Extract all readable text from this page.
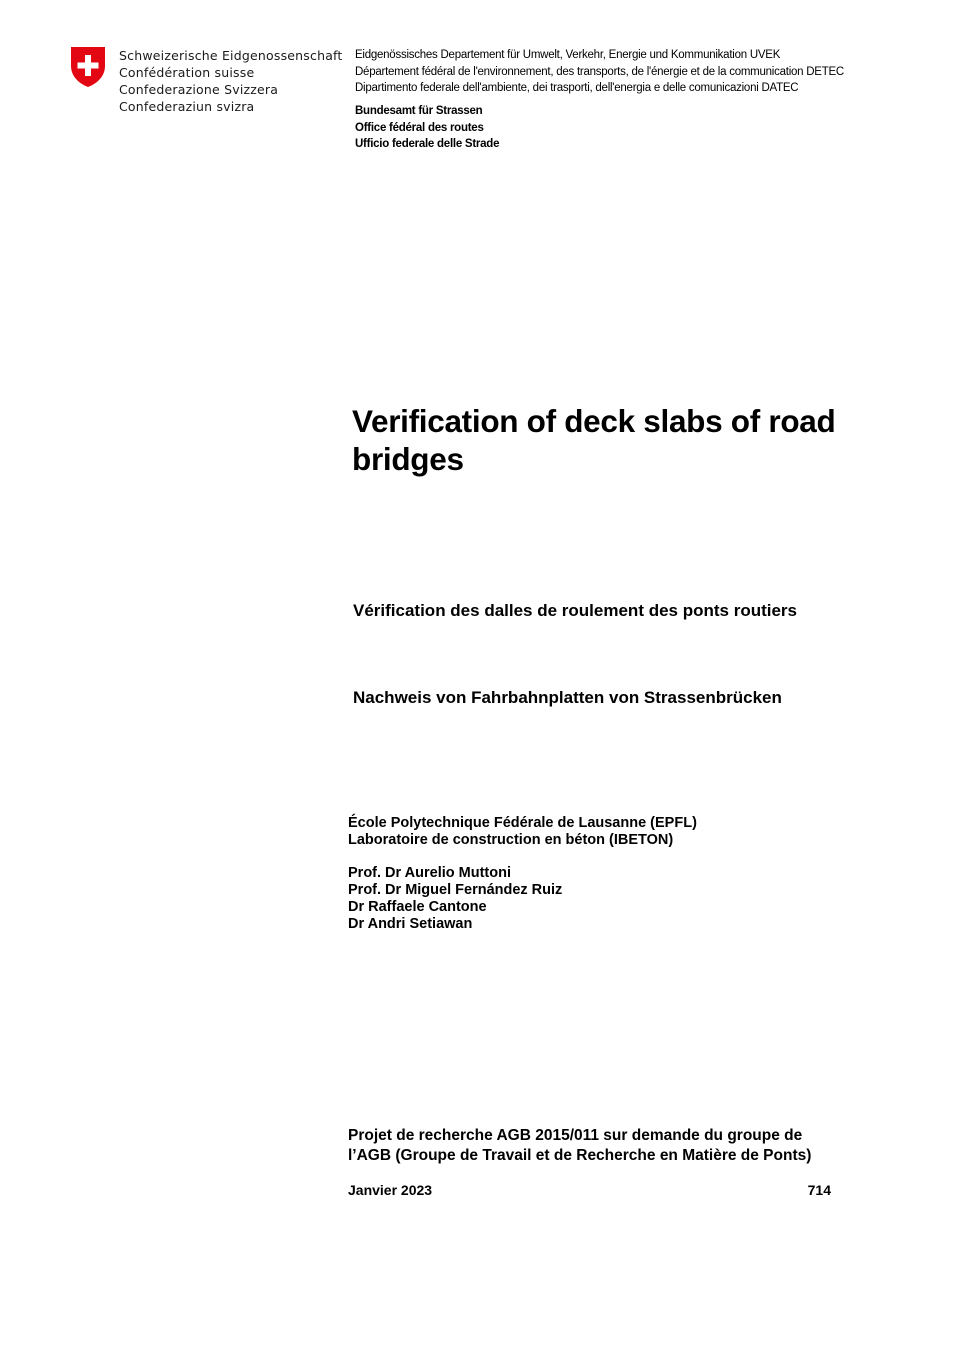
Schweizerische Eidgenossenschaft
Confédération suisse
Confederazione Svizzera
Confederaziun svizra
Eidgenössisches Departement für Umwelt, Verkehr, Energie und Kommunikation UVEK
Département fédéral de l'environnement, des transports, de l'énergie et de la communication DETEC
Dipartimento federale dell'ambiente, dei trasporti, dell'energia e delle comunicazioni DATEC
Bundesamt für Strassen
Office fédéral des routes
Ufficio federale delle Strade
Verification of deck slabs of road bridges
Vérification des dalles de roulement des ponts routiers
Nachweis von Fahrbahnplatten von Strassenbrücken
École Polytechnique Fédérale de Lausanne (EPFL)
Laboratoire de construction en béton (IBETON)
Prof. Dr Aurelio Muttoni
Prof. Dr Miguel Fernández Ruiz
Dr Raffaele Cantone
Dr Andri Setiawan

Projet de recherche AGB 2015/011 sur demande du groupe de l’AGB (Groupe de Travail et de Recherche en Matière de Ponts)

Janvier 2023	714
